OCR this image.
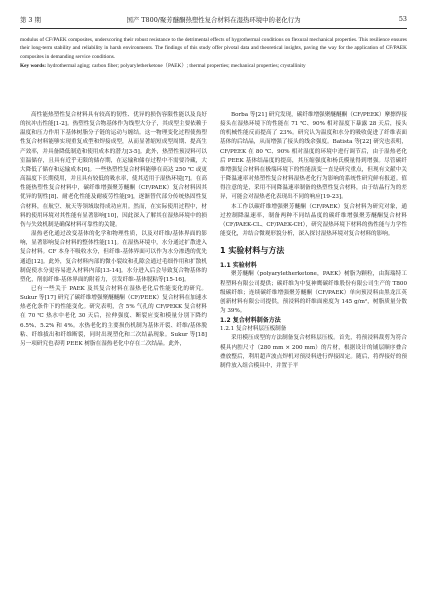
第 3 期	国产 T800/聚芳醚酮热塑性复合材料在湿热环境中的老化行为	53

modulus of CF/PAEK composites, underscoring their robust resistance to the detrimental effects of hygrothermal conditions on flexural mechanical properties. This resilience ensures their long-term stability and reliability in harsh environments. The findings of this study offer pivotal data and theoretical insights, paving the way for the application of CF/PAEK composites in demanding service conditions.

Key words: hydrothermal aging; carbon fiber; polyaryletherketone（PAEK）; thermal properties; mechanical properties; crystallinity

高性能热塑性复合材料具有较高的韧性、优异的损伤容限性能以及良好的抗冲击性能[1-2]。热塑性复合物基体作为线型大分子，其成型主要依赖于温度和压力作用下基体树脂分子链的运动与缠结。这一物理变化过程使热塑性复合材料能够实现重复成型和焊接成型，从而显著缩短成型周期、提高生产效率，并具备降低制造和使用成本的潜力[3-5]。此外，热塑性预浸料可以室温储存，且具有近乎无限的储存期，在运输和储存过程中不需要冷藏，大大降低了储存和运输成本[6]。一些热塑性复合材料能够在高达 250 ℃ 或更高温度下长期使用，并且具有较低的吸水率，使其适用于湿热环境[7]。在高性能热塑性复合材料中，碳纤维增强聚芳醚酮（CF/PAEK）复合材料因其优异的韧性[8]、耐老化性能及耐疲劳性能[9]，逐渐替代部分传统热固性复合材料，在航空、航天等领域取得成功应用。然而，在实际使用过程中，材料的使用环境对其性能有显著影响[10]，因此深入了解其在湿热环境中的损伤与失效机制是确保材料可靠性的关键。

湿热老化通过改变基体的化学和物理性质，以及对纤维/基体界面的影响，显著影响复合材料的整体性能[11]。在湿热环境中，水分通过扩散进入复合材料。CF 本身不吸收水分，但纤维-基体界面可以作为水分渗透的优先通道[12]。此外，复合材料内部的微小裂纹和孔隙会通过毛细作用和扩散机制促使水分更容易进入材料内部[13-14]。水分进入后会导致复合物基体的塑化，削弱纤维-基体界面的附着力，引发纤维-基体脱粘等[15-16]。

已有一些关于 PAEK 及其复合材料在湿热老化后性能变化的研究。Sukur 等[17] 研究了碳纤维增强聚醚醚酮（CF/PEEK）复合材料在加速水热老化条件下的性能变化。研究表明，含 5% 气孔的 CF/PEKK 复合材料在 70 ℃ 热水中老化 30 天后，拉伸强度、断裂应变和模量分别下降约 6.5%、5.2% 和 4%。水热老化的主要损伤机制为基体开裂、纤维/基体脱粘、纤维拔出和纤维断裂，同时出现塑化和二次结晶现象。Sukur 等[18] 另一项研究也表明 PEEK 树脂在湿热老化中存在二次结晶。此外，

Borba 等[21] 研究发现，碳纤维增强聚醚醚酮（CF/PEEK）摩擦焊接接头在湿热环境下的性能在 71 ℃、90% 相对湿度下暴露 28 天后，接头的机械性能反而提高了 23%。研究认为温度和水分的吸收促进了纤维表面基体的后结晶，从而增强了接头的线余强度。Batista 等[22] 研究也表明，CF/PEEK 在 80 ℃、90% 相对湿度的环境中进行调节后，由于湿热老化后 PEEK 基体结晶度的提高，其压缩强度和杨氏模量得到增强。尽管碳纤维增强复合材料在极端环境下的性能演变一直是研究重点，但现有文献中关于降温速率对热塑性复合材料湿热老化行为影响的系统性研究鲜有报道。值得注意的是，采用不同降温速率制备的热塑性复合材料，由于结晶行为的差异，可能会对湿热老化表现出不同的响应[19-23]。

本工作以碳纤维增强聚芳醚酮（CF/PAEK）复合材料为研究对象，通过控制降温速率，制备两种不同结晶度的碳纤维增强聚芳醚酮复合材料（CF/PAEK-CL、CF/PAEK-CH），研究湿热环境下材料的热性能与力学性能变化，并结合微观形貌分析，深入探讨湿热环境对复合材料的影响。

1 实验材料与方法
1.1 实验材料

聚芳醚酮（polyaryletherketone，PAEK）树脂为颗粒，由海瑞特工程塑料有限公司提供；碳纤维为中复神鹰碳纤维股份有限公司生产的 T800 级碳纤维；连续碳纤维增强聚芳醚酮（CF/PAEK）单向预浸料由黑龙江英创新材料有限公司提供，预浸料的纤维面密度为 145 g/m²，树脂质量分数为 39%。

1.2 复合材料制备方法
1.2.1 复合材料层压板制备

采用模压成型的方法制备复合材料层压板。首先，将预浸料裁剪为符合模具内腔尺寸（280 mm × 200 mm）的片材，根据设计的铺层顺序叠合叠放整后，利用超声波点焊机对预浸料进行焊接固定。随后，将焊接好的预制件放入组合模具中，并置于平
